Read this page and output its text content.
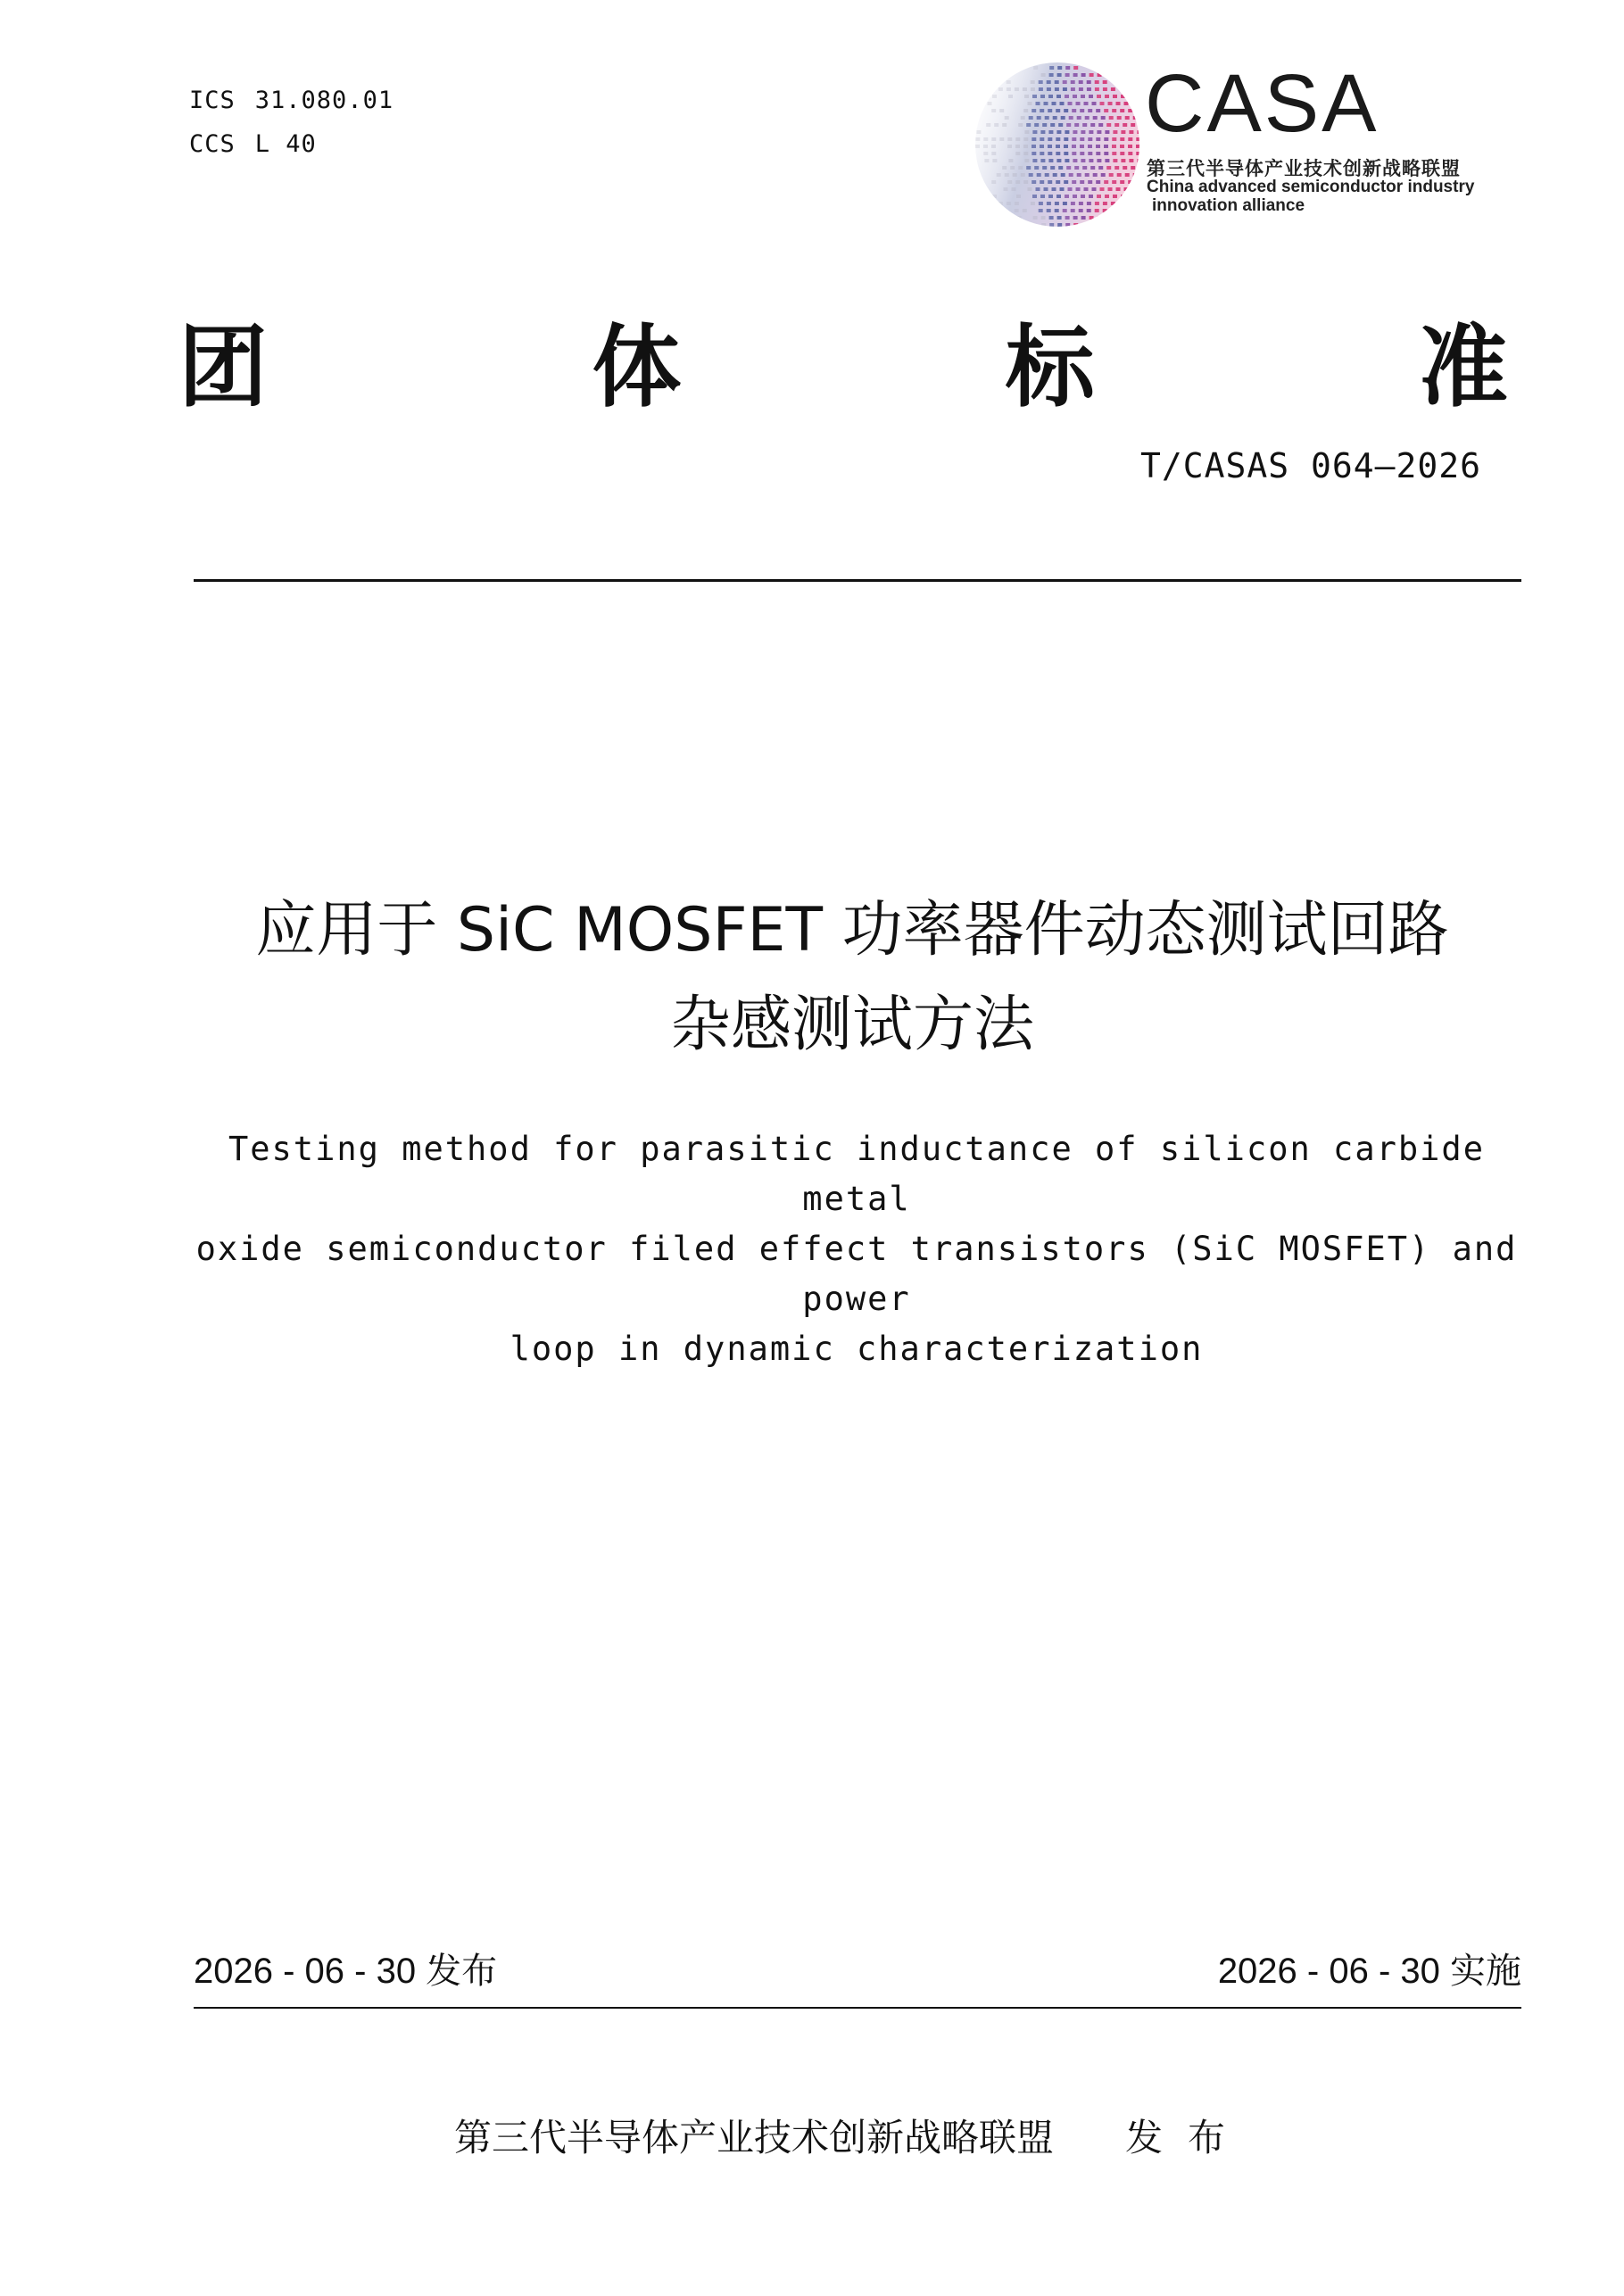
ICS 31.080.01
CCS L 40	CASA
第三代半导体产业技术创新战略联盟
China advanced semiconductor industry
innovation alliance
团	体	标	准
T/CASAS 064—2026
应用于 SiC MOSFET 功率器件动态测试回路
杂感测试方法
Testing method for parasitic inductance of silicon carbide metal
oxide semiconductor filed effect transistors (SiC MOSFET) and power
loop in dynamic characterization
2026 - 06 - 30 发布	2026 - 06 - 30 实施
第三代半导体产业技术创新战略联盟 发布
